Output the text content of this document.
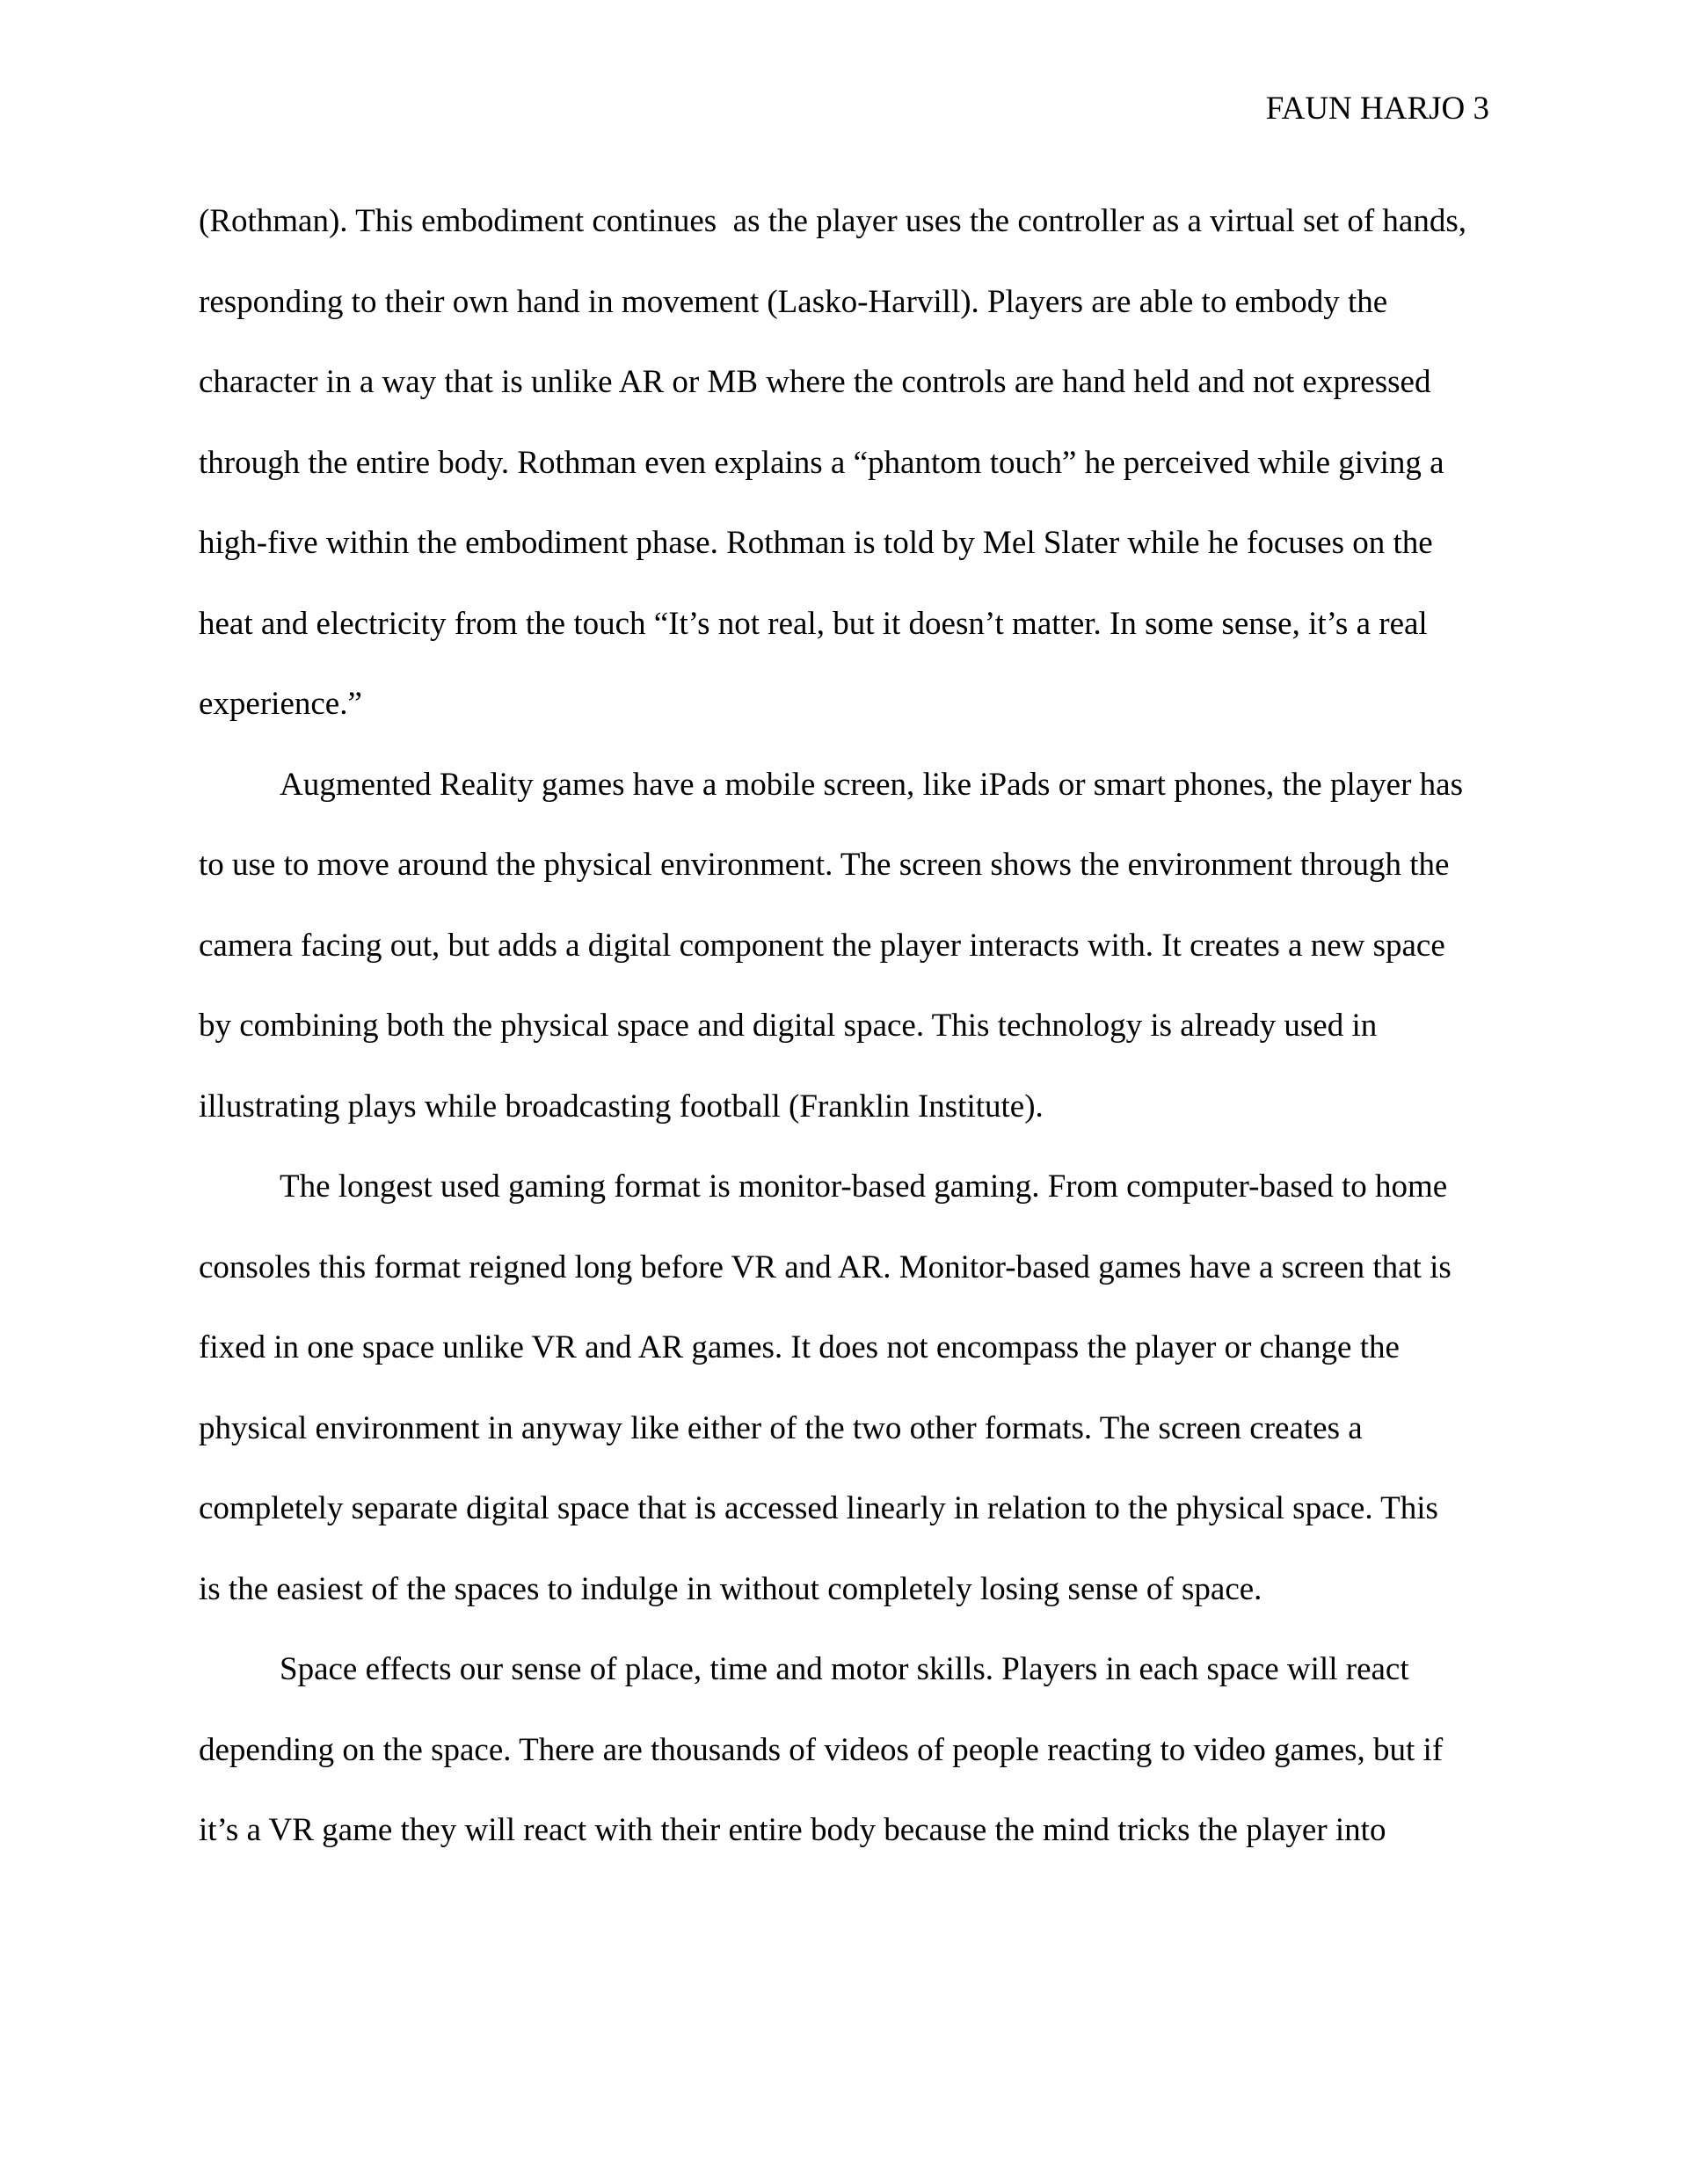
FAUN HARJO 3
(Rothman). This embodiment continues  as the player uses the controller as a virtual set of hands,
responding to their own hand in movement (Lasko-Harvill). Players are able to embody the
character in a way that is unlike AR or MB where the controls are hand held and not expressed
through the entire body. Rothman even explains a “phantom touch” he perceived while giving a
high-five within the embodiment phase. Rothman is told by Mel Slater while he focuses on the
heat and electricity from the touch “It’s not real, but it doesn’t matter. In some sense, it’s a real
experience.”
Augmented Reality games have a mobile screen, like iPads or smart phones, the player has
to use to move around the physical environment. The screen shows the environment through the
camera facing out, but adds a digital component the player interacts with. It creates a new space
by combining both the physical space and digital space. This technology is already used in
illustrating plays while broadcasting football (Franklin Institute).
The longest used gaming format is monitor-based gaming. From computer-based to home
consoles this format reigned long before VR and AR. Monitor-based games have a screen that is
fixed in one space unlike VR and AR games. It does not encompass the player or change the
physical environment in anyway like either of the two other formats. The screen creates a
completely separate digital space that is accessed linearly in relation to the physical space. This
is the easiest of the spaces to indulge in without completely losing sense of space.
Space effects our sense of place, time and motor skills. Players in each space will react
depending on the space. There are thousands of videos of people reacting to video games, but if
it’s a VR game they will react with their entire body because the mind tricks the player into
